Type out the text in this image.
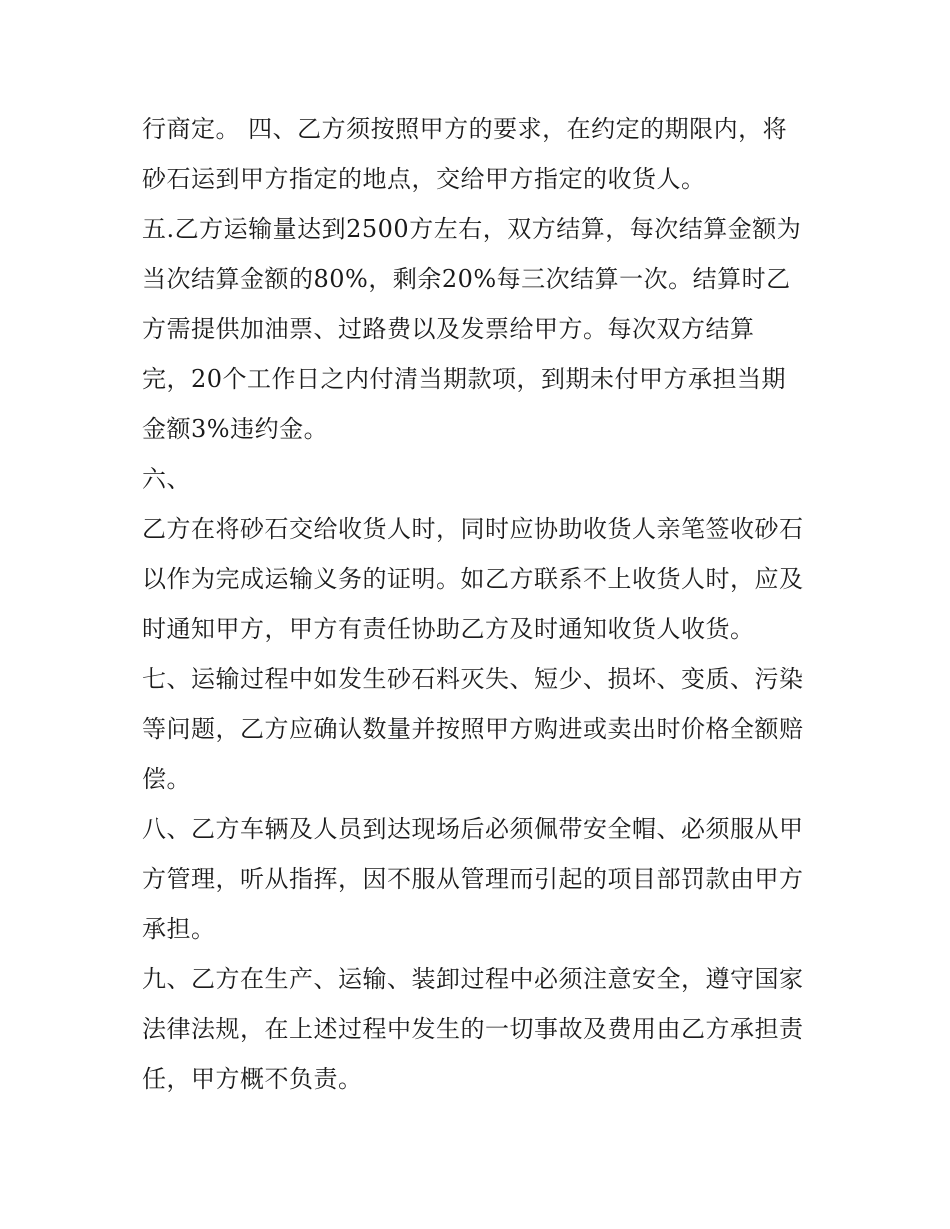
行商定。 四、乙方须按照甲方的要求，在约定的期限内，将
砂石运到甲方指定的地点，交给甲方指定的收货人。
五.乙方运输量达到2500方左右，双方结算，每次结算金额为
当次结算金额的80%，剩余20%每三次结算一次。结算时乙
方需提供加油票、过路费以及发票给甲方。每次双方结算
完，20个工作日之内付清当期款项，到期未付甲方承担当期
金额3%违约金。
六、
乙方在将砂石交给收货人时，同时应协助收货人亲笔签收砂石
以作为完成运输义务的证明。如乙方联系不上收货人时，应及
时通知甲方，甲方有责任协助乙方及时通知收货人收货。
七、运输过程中如发生砂石料灭失、短少、损坏、变质、污染
等问题，乙方应确认数量并按照甲方购进或卖出时价格全额赔
偿。
八、乙方车辆及人员到达现场后必须佩带安全帽、必须服从甲
方管理，听从指挥，因不服从管理而引起的项目部罚款由甲方
承担。
九、乙方在生产、运输、装卸过程中必须注意安全，遵守国家
法律法规，在上述过程中发生的一切事故及费用由乙方承担责
任，甲方概不负责。
